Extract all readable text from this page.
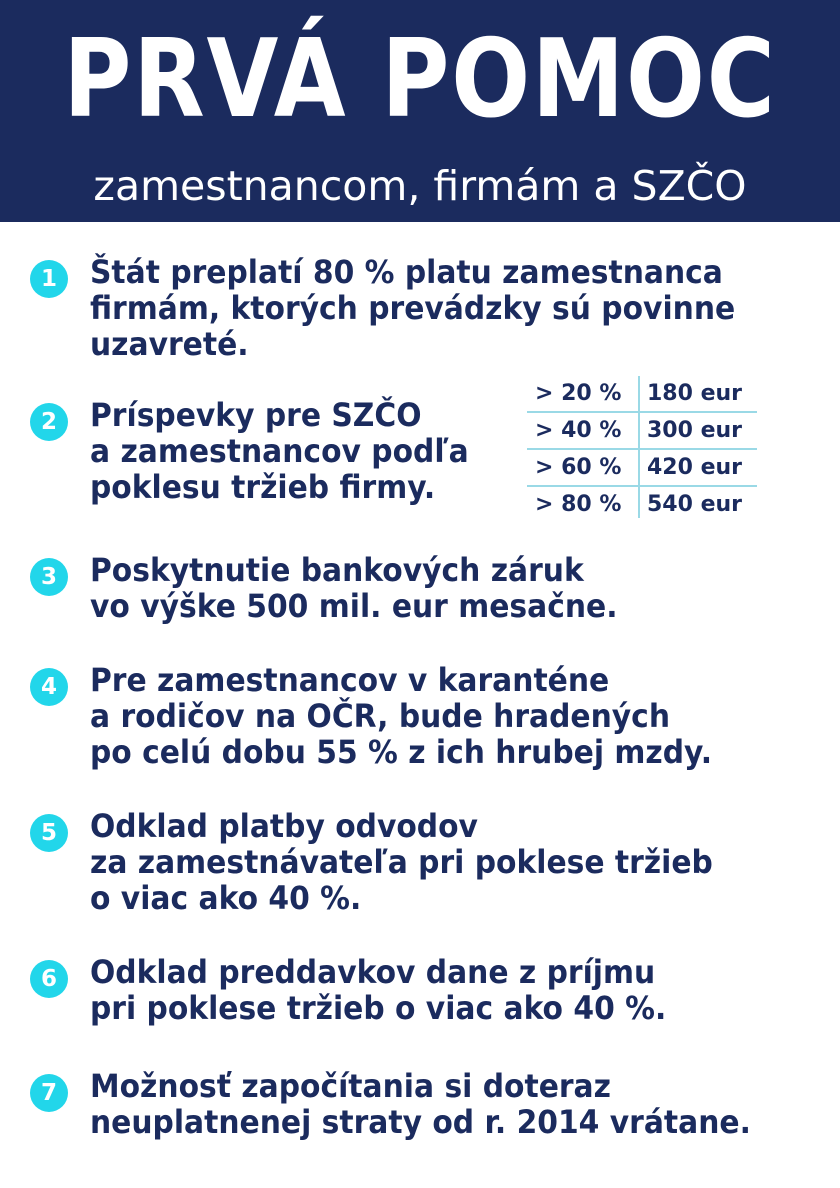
PRVÁ POMOC
zamestnancom, firmám a SZČO
1	Štát preplatí 80 % platu zamestnanca
firmám, ktorých prevádzky sú povinne
uzavreté.
2	Príspevky pre SZČO
a zamestnancov podľa
poklesu tržieb firmy.
> 20 %	180 eur
> 40 %	300 eur
> 60 %	420 eur
> 80 %	540 eur
3	Poskytnutie bankových záruk
vo výške 500 mil. eur mesačne.
4	Pre zamestnancov v karanténe
a rodičov na OČR, bude hradených
po celú dobu 55 % z ich hrubej mzdy.
5	Odklad platby odvodov
za zamestnávateľa pri poklese tržieb
o viac ako 40 %.
6	Odklad preddavkov dane z príjmu
pri poklese tržieb o viac ako 40 %.
7	Možnosť započítania si doteraz
neuplatnenej straty od r. 2014 vrátane.
